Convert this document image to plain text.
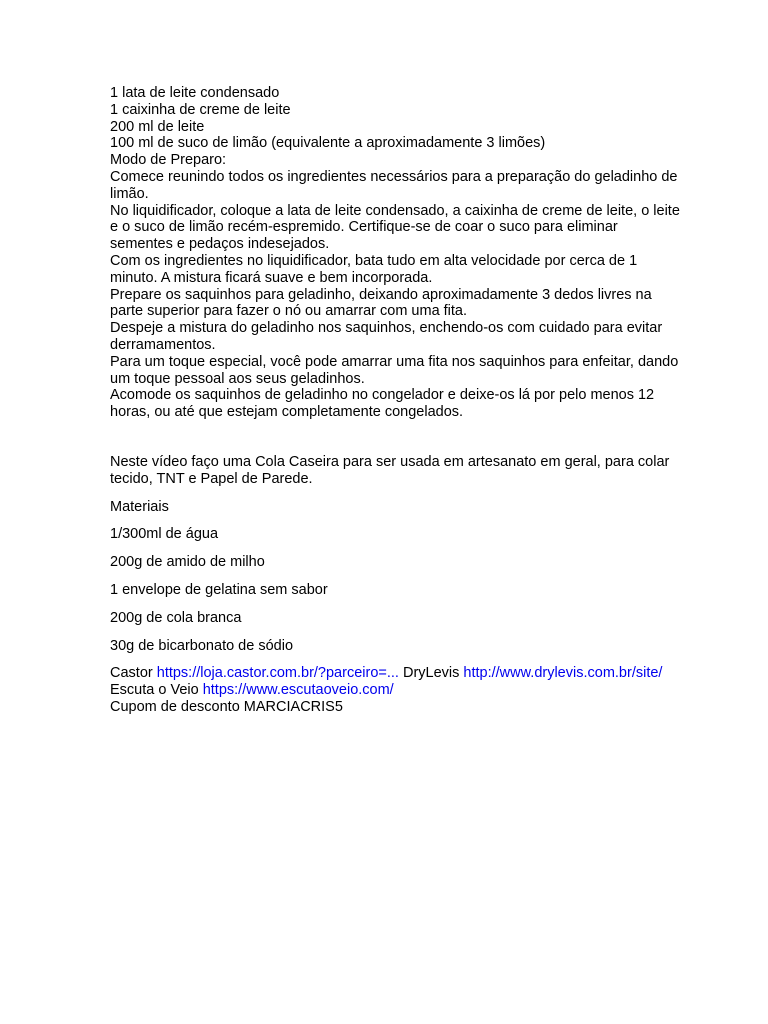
1 lata de leite condensado

1 caixinha de creme de leite

200 ml de leite

100 ml de suco de limão (equivalente a aproximadamente 3 limões)

Modo de Preparo:

Comece reunindo todos os ingredientes necessários para a preparação do geladinho de limão.

No liquidificador, coloque a lata de leite condensado, a caixinha de creme de leite, o leite e o suco de limão recém-espremido. Certifique-se de coar o suco para eliminar sementes e pedaços indesejados.

Com os ingredientes no liquidificador, bata tudo em alta velocidade por cerca de 1 minuto. A mistura ficará suave e bem incorporada.

Prepare os saquinhos para geladinho, deixando aproximadamente 3 dedos livres na parte superior para fazer o nó ou amarrar com uma fita.

Despeje a mistura do geladinho nos saquinhos, enchendo-os com cuidado para evitar derramamentos.

Para um toque especial, você pode amarrar uma fita nos saquinhos para enfeitar, dando um toque pessoal aos seus geladinhos.

Acomode os saquinhos de geladinho no congelador e deixe-os lá por pelo menos 12 horas, ou até que estejam completamente congelados.

Neste vídeo faço uma Cola Caseira para ser usada em artesanato em geral, para colar tecido, TNT e Papel de Parede.

Materiais

1/300ml de água

200g de amido de milho

1 envelope de gelatina sem sabor

200g de cola branca

30g de bicarbonato de sódio

Castor https://loja.castor.com.br/?parceiro=... DryLevis http://www.drylevis.com.br/site/ Escuta o Veio https://www.escutaoveio.com/

Cupom de desconto MARCIACRIS5
